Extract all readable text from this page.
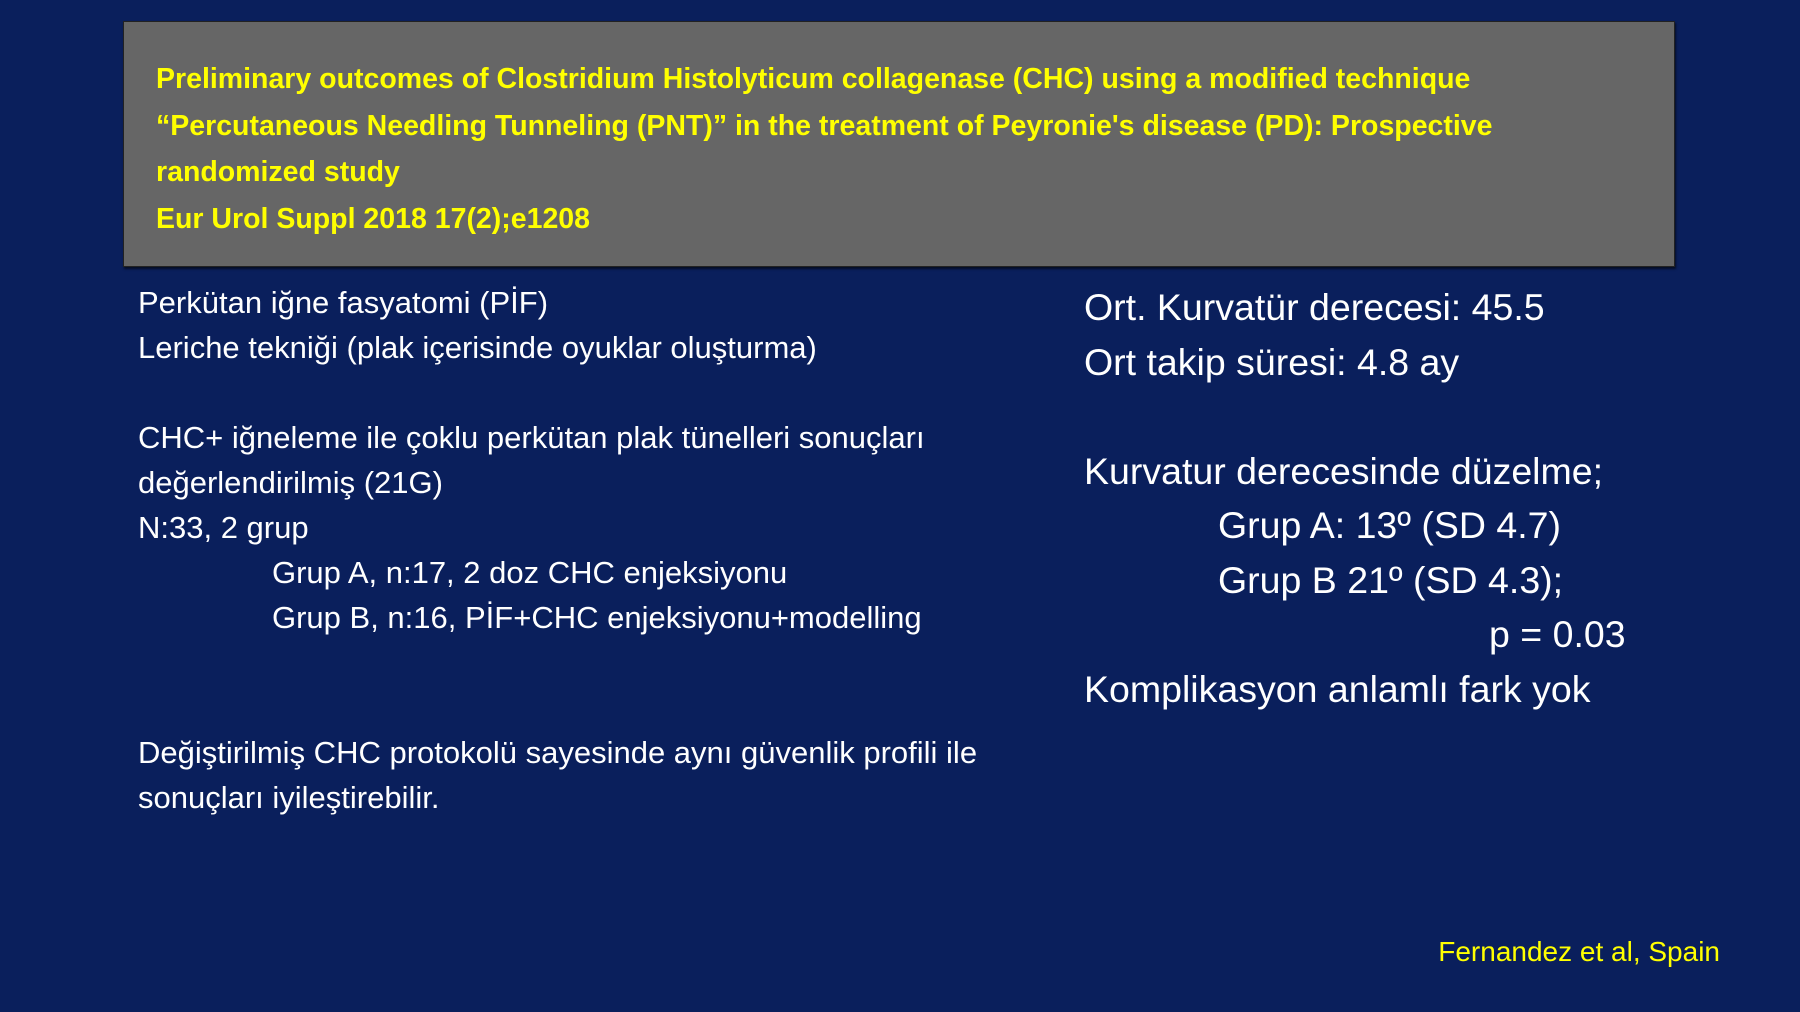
Preliminary outcomes of Clostridium Histolyticum collagenase (CHC) using a modified technique
“Percutaneous Needling Tunneling (PNT)” in the treatment of Peyronie's disease (PD): Prospective
randomized study
Eur Urol Suppl 2018 17(2);e1208
Perkütan iğne fasyatomi (PİF)
Leriche tekniği (plak içerisinde oyuklar oluşturma)
CHC+ iğneleme ile çoklu perkütan plak tünelleri sonuçları
değerlendirilmiş (21G)
N:33, 2 grup
Grup A, n:17, 2 doz CHC enjeksiyonu
Grup B, n:16, PİF+CHC enjeksiyonu+modelling
Değiştirilmiş CHC protokolü sayesinde aynı güvenlik profili ile
sonuçları iyileştirebilir.
Ort. Kurvatür derecesi: 45.5
Ort takip süresi: 4.8 ay
Kurvatur derecesinde düzelme;
Grup A: 13º (SD 4.7)
Grup B 21º (SD 4.3);
p = 0.03
Komplikasyon anlamlı fark yok
Fernandez et al, Spain
